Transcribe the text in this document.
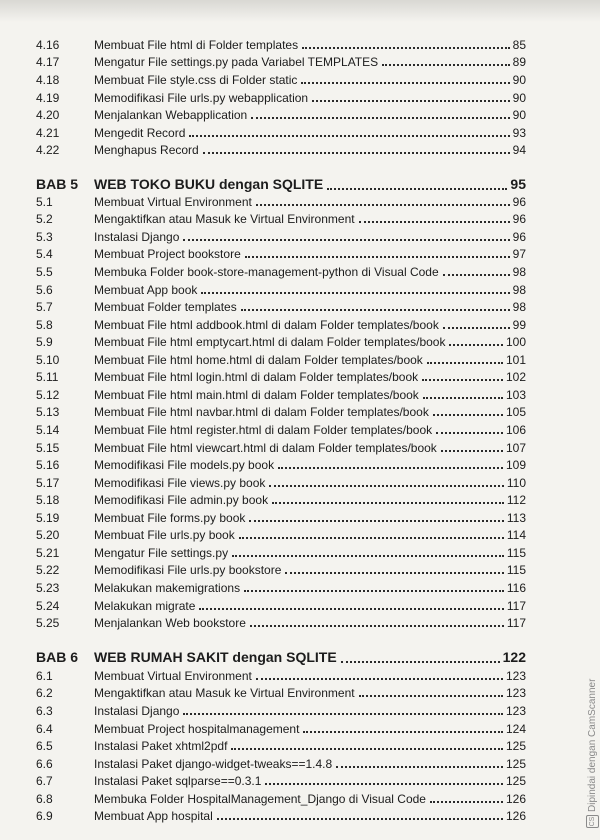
4.16	Membuat File html di Folder templates	85
4.17	Mengatur File settings.py pada Variabel TEMPLATES	89
4.18	Membuat File style.css di Folder static	90
4.19	Memodifikasi File urls.py webapplication	90
4.20	Menjalankan Webapplication	90
4.21	Mengedit Record	93
4.22	Menghapus Record	94
BAB 5	WEB TOKO BUKU dengan SQLITE	95
5.1	Membuat Virtual Environment	96
5.2	Mengaktifkan atau Masuk ke Virtual Environment	96
5.3	Instalasi Django	96
5.4	Membuat Project bookstore	97
5.5	Membuka Folder book-store-management-python di Visual Code	98
5.6	Membuat App book	98
5.7	Membuat Folder templates	98
5.8	Membuat File html addbook.html di dalam Folder templates/book	99
5.9	Membuat File html emptycart.html di dalam Folder templates/book	100
5.10	Membuat File html home.html di dalam Folder templates/book	101
5.11	Membuat File html login.html di dalam Folder templates/book	102
5.12	Membuat File html main.html di dalam Folder templates/book	103
5.13	Membuat File html navbar.html di dalam Folder templates/book	105
5.14	Membuat File html register.html di dalam Folder templates/book	106
5.15	Membuat File html viewcart.html di dalam Folder templates/book	107
5.16	Memodifikasi File models.py book	109
5.17	Memodifikasi File views.py book	110
5.18	Memodifikasi File admin.py book	112
5.19	Membuat File forms.py book	113
5.20	Membuat File urls.py book	114
5.21	Mengatur File settings.py	115
5.22	Memodifikasi File urls.py bookstore	115
5.23	Melakukan makemigrations	116
5.24	Melakukan migrate	117
5.25	Menjalankan Web bookstore	117
BAB 6	WEB RUMAH SAKIT dengan SQLITE	122
6.1	Membuat Virtual Environment	123
6.2	Mengaktifkan atau Masuk ke Virtual Environment	123
6.3	Instalasi Django	123
6.4	Membuat Project hospitalmanagement	124
6.5	Instalasi Paket xhtml2pdf	125
6.6	Instalasi Paket django-widget-tweaks==1.4.8	125
6.7	Instalasi Paket sqlparse==0.3.1	125
6.8	Membuka Folder HospitalManagement_Django di Visual Code	126
6.9	Membuat App hospital	126	CSDipindai dengan CamScanner
